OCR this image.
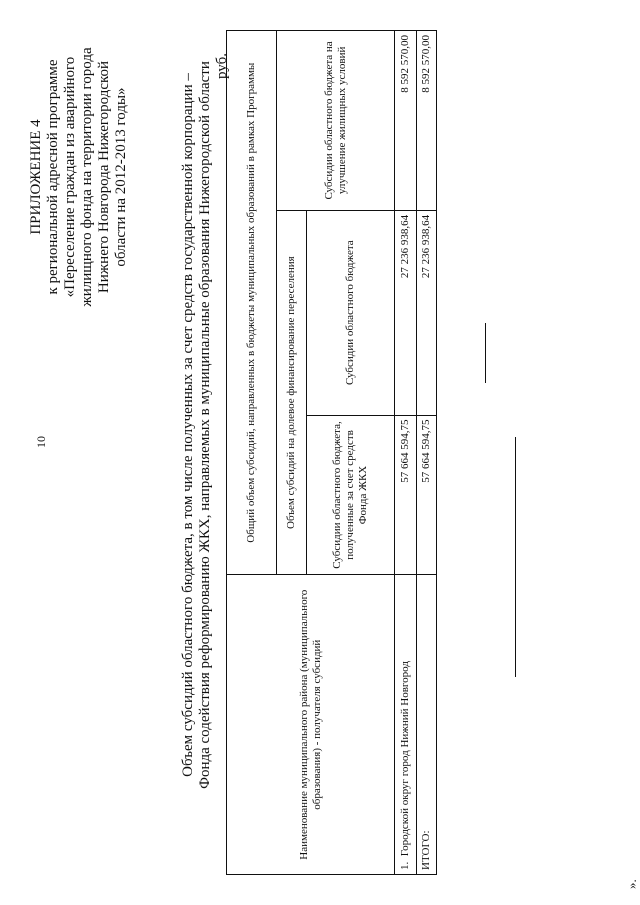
10
ПРИЛОЖЕНИЕ 4 к региональной адресной программе «Переселение граждан из аварийного жилищного фонда на территории города Нижнего Новгорода Нижегородской области на 2012-2013 годы»	Объем субсидий областного бюджета, в том числе полученных за счет средств государственной корпорации – Фонда содействия реформированию ЖКХ, направляемых в муниципальные образования Нижегородской области руб.
Наименование муниципального района (муниципального образования) - получателя субсидий	Общий объем субсидий, направленных в бюджеты муниципальных образований в рамках Программы		
	Объем субсидий на долевое финансирование переселения		Субсидии областного бюджета на улучшение жилищных условий
	Субсидии областного бюджета, полученные за счет средств Фонда ЖКХ	Субсидии областного бюджета	
1.  Городской округ город Нижний Новгород	57 664 594,75	27 236 938,64	8 592 570,00
ИТОГО:	57 664 594,75	27 236 938,64	8 592 570,00
».
